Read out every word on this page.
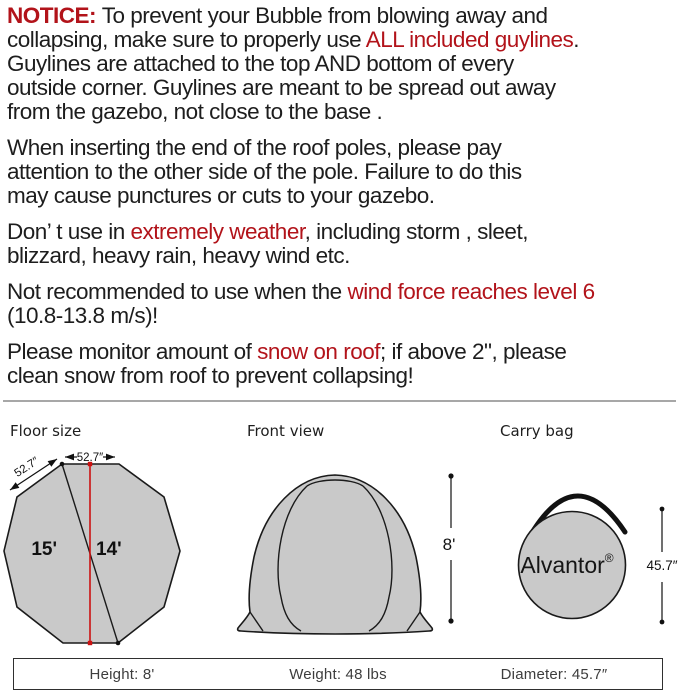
NOTICE: To prevent your Bubble from blowing away and
collapsing, make sure to properly use ALL included guylines.
Guylines are attached to the top AND bottom of every
outside corner. Guylines are meant to be spread out away
from the gazebo, not close to the base .
When inserting the end of the roof poles, please pay
attention to the other side of the pole. Failure to do this
may cause punctures or cuts to your gazebo.
Don’ t use in extremely weather, including storm , sleet,
blizzard, heavy rain, heavy wind etc.
Not recommended to use when the wind force reaches level 6
(10.8-13.8 m/s)!
Please monitor amount of snow on roof; if above 2", please
clean snow from roof to prevent collapsing!
Floor size	Front view	Carry bag
15' 14'
52.7″
52.7″
8'
Alvantor® 45.7″
Height: 8'	Weight: 48 lbs	Diameter: 45.7″
